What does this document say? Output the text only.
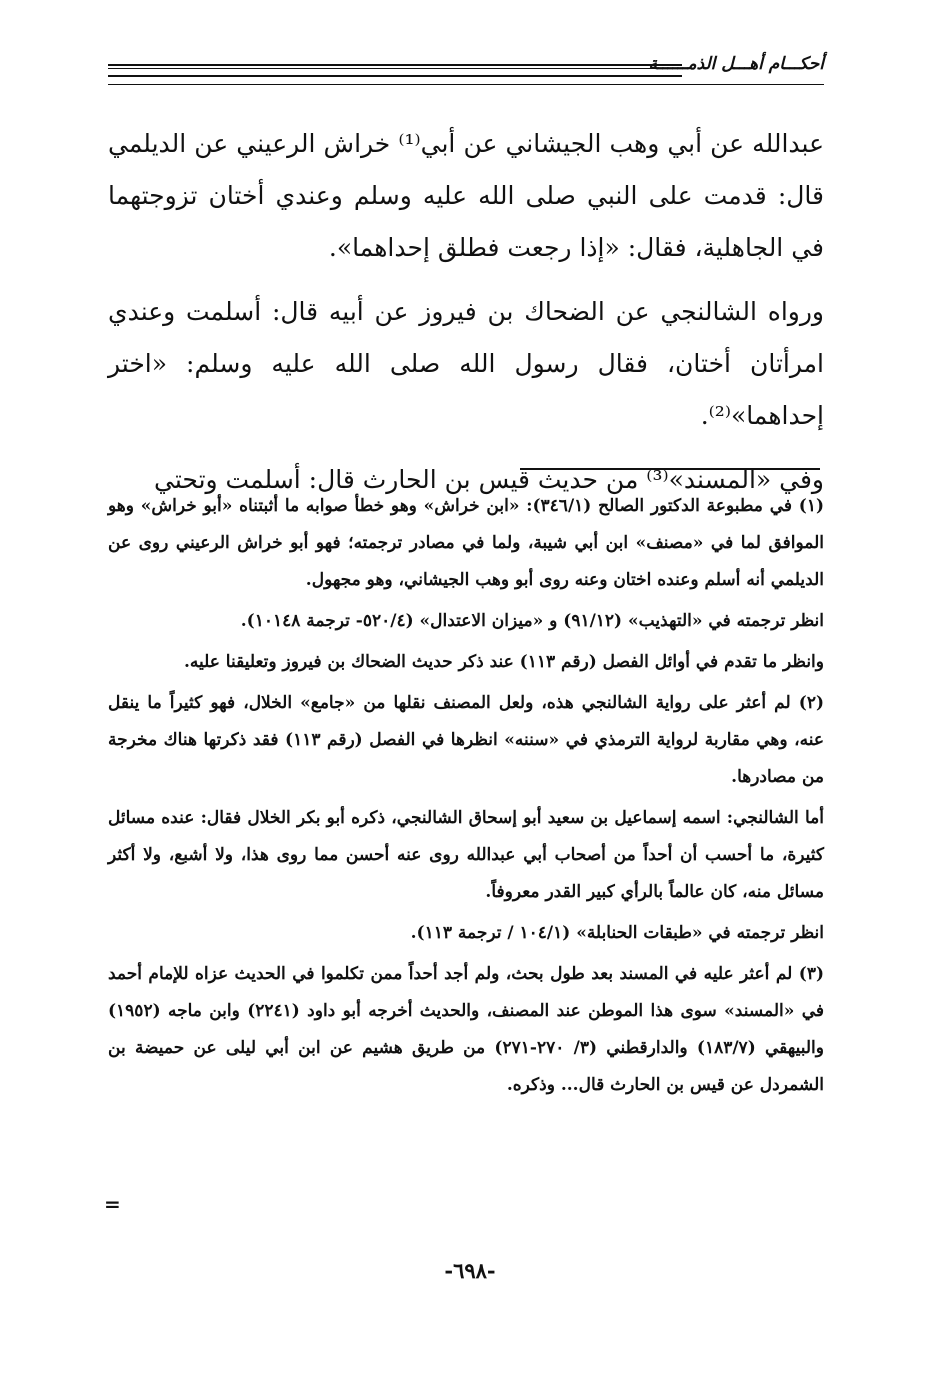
أحكـــام أهـــل الذمــــــة

عبدالله عن أبي وهب الجيشاني عن أبي⁽¹⁾ خراش الرعيني عن الديلمي قال: قدمت على النبي صلى الله عليه وسلم وعندي أختان تزوجتهما في الجاهلية، فقال: «إذا رجعت فطلق إحداهما».

ورواه الشالنجي عن الضحاك بن فيروز عن أبيه قال: أسلمت وعندي امرأتان أختان، فقال رسول الله صلى الله عليه وسلم: «اختر إحداهما»⁽²⁾.

وفي «المسند»⁽³⁾ من حديث قيس بن الحارث قال: أسلمت وتحتي

(١) في مطبوعة الدكتور الصالح (٣٤٦/١): «ابن خراش» وهو خطأ صوابه ما أثبتناه «أبو خراش» وهو الموافق لما في «مصنف» ابن أبي شيبة، ولما في مصادر ترجمته؛ فهو أبو خراش الرعيني روى عن الديلمي أنه أسلم وعنده اختان وعنه روى أبو وهب الجيشاني، وهو مجهول.

انظر ترجمته في «التهذيب» (٩١/١٢) و «ميزان الاعتدال» (٥٢٠/٤- ترجمة ١٠١٤٨).

وانظر ما تقدم في أوائل الفصل (رقم ١١٣) عند ذكر حديث الضحاك بن فيروز وتعليقنا عليه.

(٢) لم أعثر على رواية الشالنجي هذه، ولعل المصنف نقلها من «جامع» الخلال، فهو كثيراً ما ينقل عنه، وهي مقاربة لرواية الترمذي في «سننه» انظرها في الفصل (رقم ١١٣) فقد ذكرتها هناك مخرجة من مصادرها.

أما الشالنجي: اسمه إسماعيل بن سعيد أبو إسحاق الشالنجي، ذكره أبو بكر الخلال فقال: عنده مسائل كثيرة، ما أحسب أن أحداً من أصحاب أبي عبدالله روى عنه أحسن مما روى هذا، ولا أشبع، ولا أكثر مسائل منه، كان عالماً بالرأي كبير القدر معروفاً.

انظر ترجمته في «طبقات الحنابلة» (١٠٤/١ / ترجمة ١١٣).

(٣) لم أعثر عليه في المسند بعد طول بحث، ولم أجد أحداً ممن تكلموا في الحديث عزاه للإمام أحمد في «المسند» سوى هذا الموطن عند المصنف، والحديث أخرجه أبو داود (٢٢٤١) وابن ماجه (١٩٥٢) والبيهقي (١٨٣/٧) والدارقطني (٣/ ٢٧٠-٢٧١) من طريق هشيم عن ابن أبي ليلى عن حميضة بن الشمردل عن قيس بن الحارث قال... وذكره.

=
-٦٩٨-
